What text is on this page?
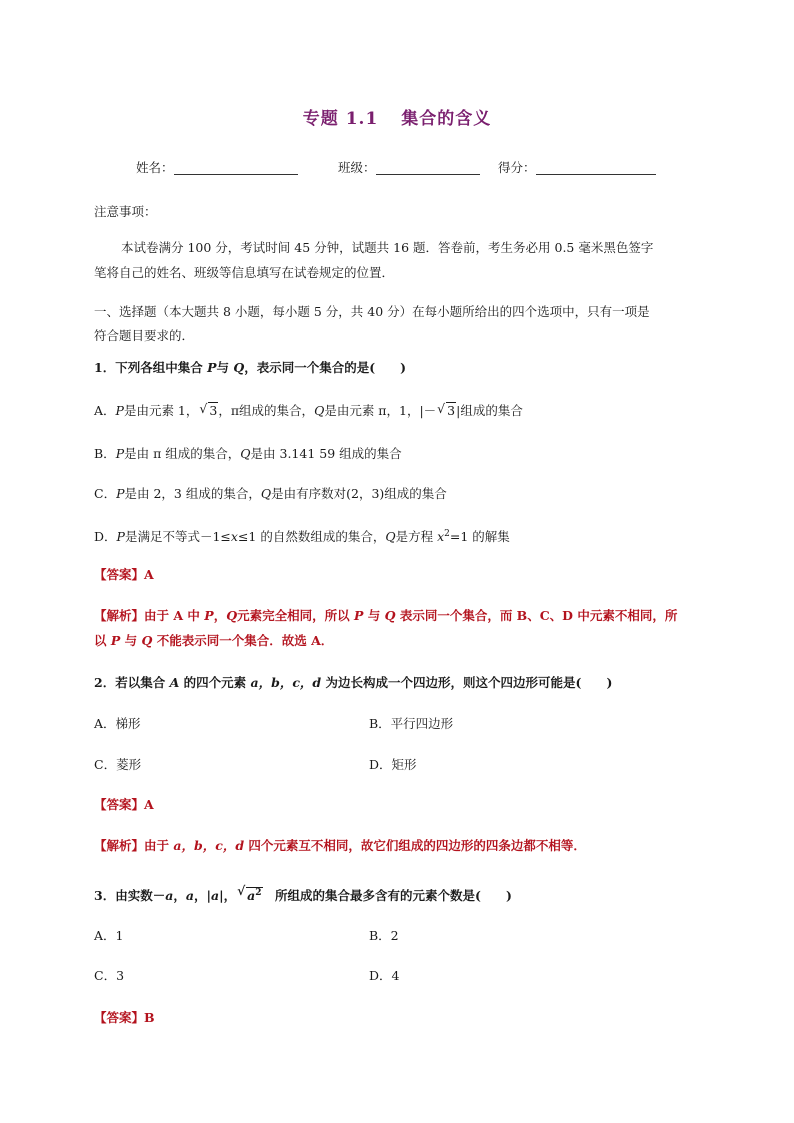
专题 1.1 集合的含义
姓名：	班级：	得分：
注意事项：
本试卷满分 100 分，考试时间 45 分钟，试题共 16 题．答卷前，考生务必用 0.5 毫米黑色签字
笔将自己的姓名、班级等信息填写在试卷规定的位置．
一、选择题（本大题共 8 小题，每小题 5 分，共 40 分）在每小题所给出的四个选项中，只有一项是
符合题目要求的．
1．下列各组中集合 P与 Q，表示同一个集合的是(　　)
A．P是由元素 1， √ 3，π组成的集合，Q是由元素 π，1，|－ √ 3|组成的集合
B．P是由 π 组成的集合，Q是由 3.141 59 组成的集合
C．P是由 2，3 组成的集合，Q是由有序数对(2，3)组成的集合
D．P是满足不等式－1≤x≤1 的自然数组成的集合，Q是方程 $x^2=1$ 的解集
【答案】A
【解析】由于 A 中 P，Q元素完全相同，所以 P 与 Q 表示同一个集合，而 B、C、D 中元素不相同，所
以 P 与 Q 不能表示同一个集合．故选 A．
2．若以集合 A 的四个元素 a，b，c，d 为边长构成一个四边形，则这个四边形可能是(　　)
A．梯形	B．平行四边形
C．菱形	D．矩形
【答案】A
【解析】由于 a，b，c，d 四个元素互不相同，故它们组成的四边形的四条边都不相等．
3．由实数－a，a，|a|， √ $a^2$　所组成的集合最多含有的元素个数是(　　)
A．1	B．2
C．3	D．4
【答案】B
